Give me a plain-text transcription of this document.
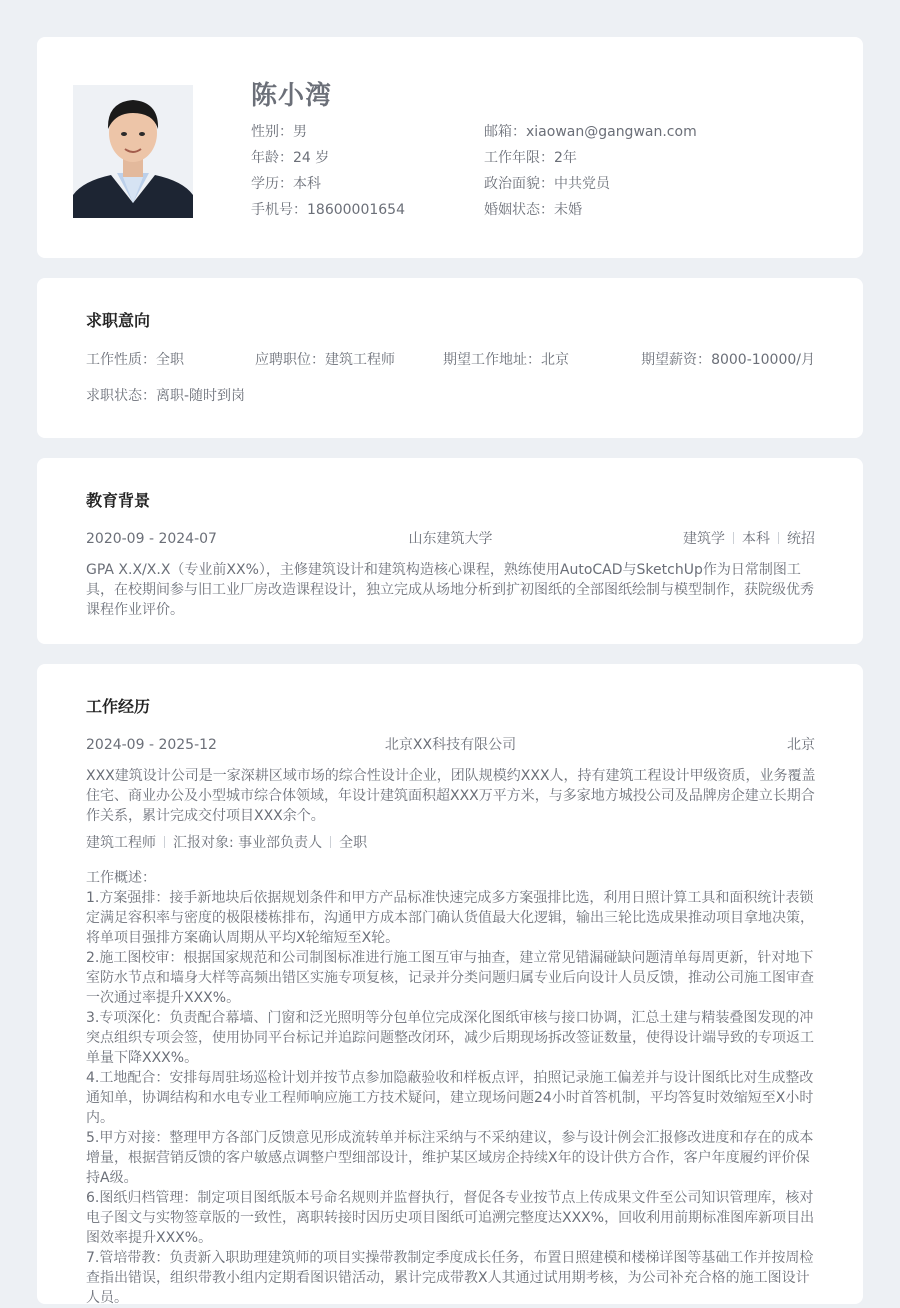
陈小湾
性别：男	邮箱：xiaowan@gangwan.com
年龄：24 岁	工作年限：2年
学历：本科	政治面貌：中共党员
手机号：18600001654	婚姻状态：未婚
求职意向
工作性质：全职	应聘职位：建筑工程师	期望工作地址：北京	期望薪资：8000-10000/月
求职状态：离职-随时到岗
教育背景
2020-09 - 2024-07	山东建筑大学	建筑学 本科 统招
GPA X.X/X.X（专业前XX%），主修建筑设计和建筑构造核心课程，熟练使用AutoCAD与SketchUp作为日常制图工具，在校期间参与旧工业厂房改造课程设计，独立完成从场地分析到扩初图纸的全部图纸绘制与模型制作，获院级优秀课程作业评价。
工作经历
2024-09 - 2025-12	北京XX科技有限公司	北京
XXX建筑设计公司是一家深耕区域市场的综合性设计企业，团队规模约XXX人，持有建筑工程设计甲级资质，业务覆盖住宅、商业办公及小型城市综合体领域，年设计建筑面积超XXX万平方米，与多家地方城投公司及品牌房企建立长期合作关系，累计完成交付项目XXX余个。
建筑工程师 汇报对象: 事业部负责人 全职
工作概述：
1.方案强排：接手新地块后依据规划条件和甲方产品标准快速完成多方案强排比选，利用日照计算工具和面积统计表锁定满足容积率与密度的极限楼栋排布，沟通甲方成本部门确认货值最大化逻辑，输出三轮比选成果推动项目拿地决策，将单项目强排方案确认周期从平均X轮缩短至X轮。
2.施工图校审：根据国家规范和公司制图标准进行施工图互审与抽查，建立常见错漏碰缺问题清单每周更新，针对地下室防水节点和墙身大样等高频出错区实施专项复核，记录并分类问题归属专业后向设计人员反馈，推动公司施工图审查一次通过率提升XXX%。
3.专项深化：负责配合幕墙、门窗和泛光照明等分包单位完成深化图纸审核与接口协调，汇总土建与精装叠图发现的冲突点组织专项会签，使用协同平台标记并追踪问题整改闭环，减少后期现场拆改签证数量，使得设计端导致的专项返工单量下降XXX%。
4.工地配合：安排每周驻场巡检计划并按节点参加隐蔽验收和样板点评，拍照记录施工偏差并与设计图纸比对生成整改通知单，协调结构和水电专业工程师响应施工方技术疑问，建立现场问题24小时首答机制，平均答复时效缩短至X小时内。
5.甲方对接：整理甲方各部门反馈意见形成流转单并标注采纳与不采纳建议，参与设计例会汇报修改进度和存在的成本增量，根据营销反馈的客户敏感点调整户型细部设计，维护某区域房企持续X年的设计供方合作，客户年度履约评价保持A级。
6.图纸归档管理：制定项目图纸版本号命名规则并监督执行，督促各专业按节点上传成果文件至公司知识管理库，核对电子图文与实物签章版的一致性，离职转接时因历史项目图纸可追溯完整度达XXX%，回收利用前期标准图库新项目出图效率提升XXX%。
7.管培带教：负责新入职助理建筑师的项目实操带教制定季度成长任务，布置日照建模和楼梯详图等基础工作并按周检查指出错误，组织带教小组内定期看图识错活动，累计完成带教X人其通过试用期考核，为公司补充合格的施工图设计人员。
